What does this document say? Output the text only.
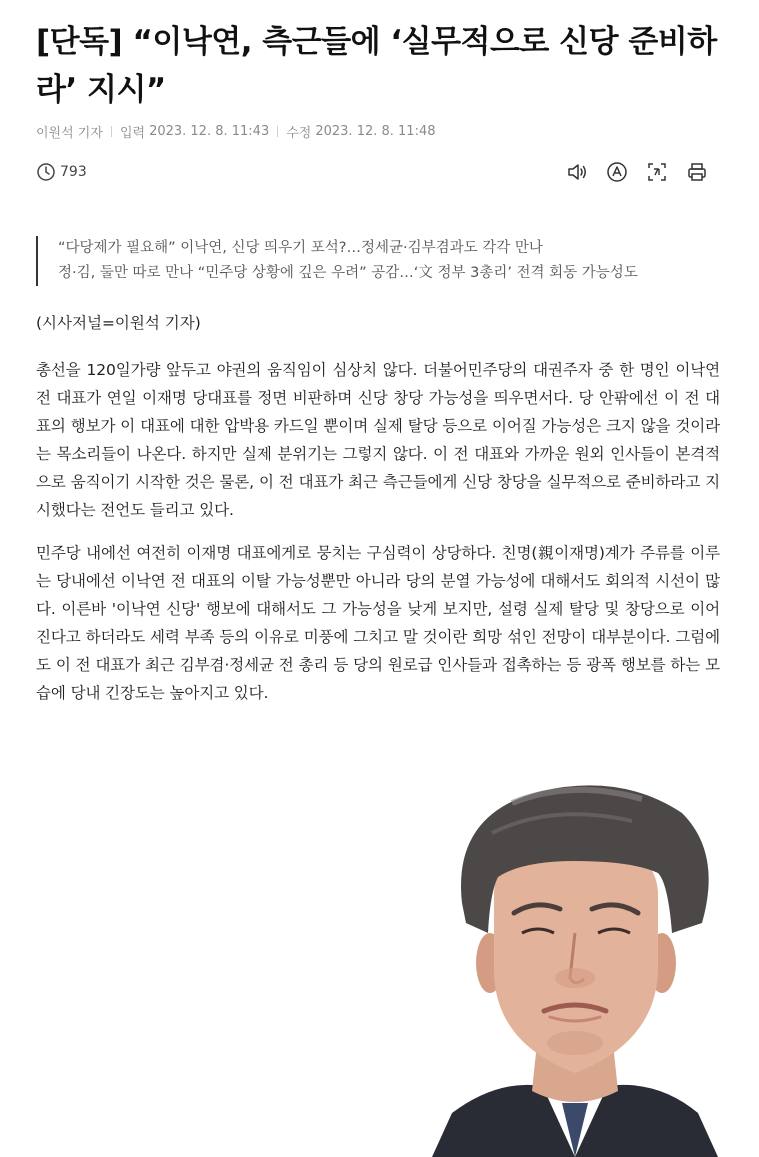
[단독] “이낙연, 측근들에 ‘실무적으로 신당 준비하라’ 지시”
이원석 기자 입력 2023. 12. 8. 11:43 수정 2023. 12. 8. 11:48
793

“다당제가 필요해” 이낙연, 신당 띄우기 포석?…정세균·김부겸과도 각각 만나

정·김, 둘만 따로 만나 “민주당 상황에 깊은 우려” 공감…‘文 정부 3총리’ 전격 회동 가능성도

(시사저널=이원석 기자)

총선을 120일가량 앞두고 야권의 움직임이 심상치 않다. 더불어민주당의 대권주자 중 한 명인 이낙연 전 대표가 연일 이재명 당대표를 정면 비판하며 신당 창당 가능성을 띄우면서다. 당 안팎에선 이 전 대표의 행보가 이 대표에 대한 압박용 카드일 뿐이며 실제 탈당 등으로 이어질 가능성은 크지 않을 것이라는 목소리들이 나온다. 하지만 실제 분위기는 그렇지 않다. 이 전 대표와 가까운 원외 인사들이 본격적으로 움직이기 시작한 것은 물론, 이 전 대표가 최근 측근들에게 신당 창당을 실무적으로 준비하라고 지시했다는 전언도 들리고 있다.

민주당 내에선 여전히 이재명 대표에게로 뭉치는 구심력이 상당하다. 친명(親이재명)계가 주류를 이루는 당내에선 이낙연 전 대표의 이탈 가능성뿐만 아니라 당의 분열 가능성에 대해서도 회의적 시선이 많다. 이른바 '이낙연 신당' 행보에 대해서도 그 가능성을 낮게 보지만, 설령 실제 탈당 및 창당으로 이어진다고 하더라도 세력 부족 등의 이유로 미풍에 그치고 말 것이란 희망 섞인 전망이 대부분이다. 그럼에도 이 전 대표가 최근 김부겸·정세균 전 총리 등 당의 원로급 인사들과 접촉하는 등 광폭 행보를 하는 모습에 당내 긴장도는 높아지고 있다.
